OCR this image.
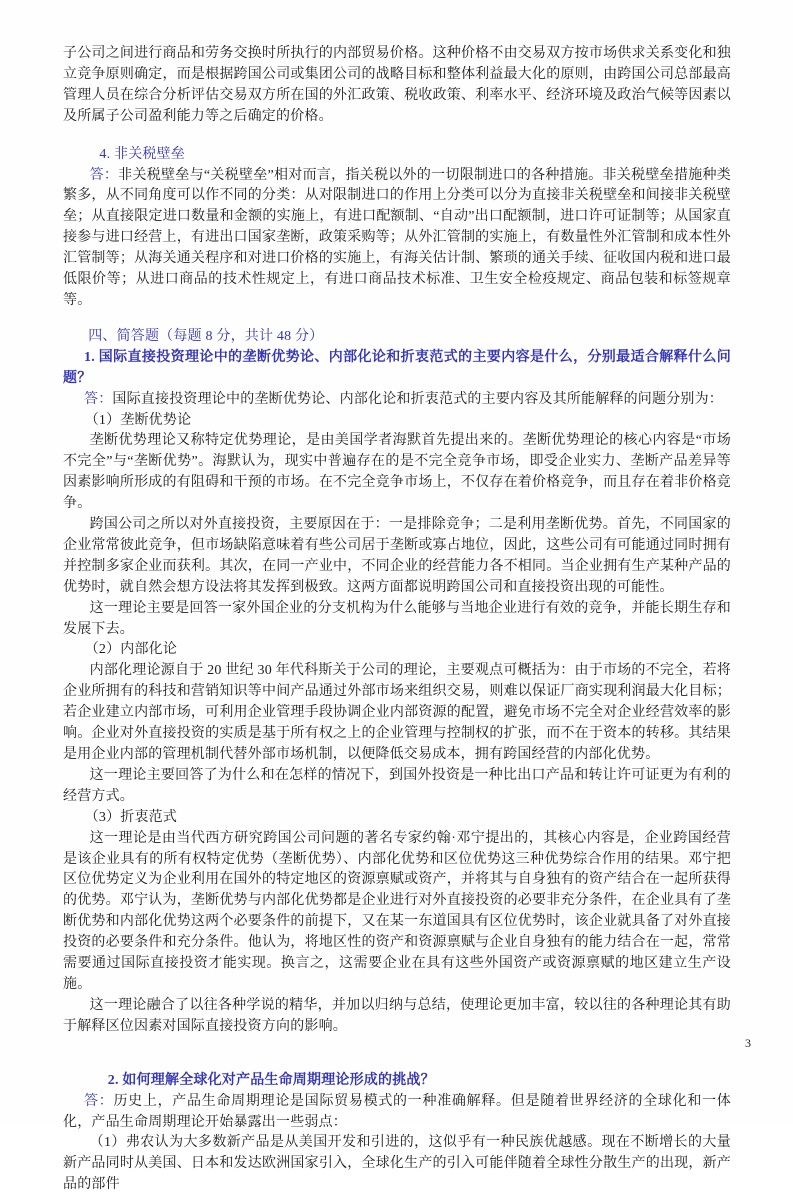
子公司之间进行商品和劳务交换时所执行的内部贸易价格。这种价格不由交易双方按市场供求关系变化和独立竞争原则确定，而是根据跨国公司或集团公司的战略目标和整体利益最大化的原则，由跨国公司总部最高管理人员在综合分析评估交易双方所在国的外汇政策、税收政策、利率水平、经济环境及政治气候等因素以及所属子公司盈利能力等之后确定的价格。

4. 非关税壁垒

答：非关税壁垒与“关税壁垒”相对而言，指关税以外的一切限制进口的各种措施。非关税壁垒措施种类繁多，从不同角度可以作不同的分类：从对限制进口的作用上分类可以分为直接非关税壁垒和间接非关税壁垒；从直接限定进口数量和金额的实施上，有进口配额制、“自动”出口配额制，进口许可证制等；从国家直接参与进口经营上，有进出口国家垄断，政策采购等；从外汇管制的实施上，有数量性外汇管制和成本性外汇管制等；从海关通关程序和对进口价格的实施上，有海关估计制、繁琐的通关手续、征收国内税和进口最低限价等；从进口商品的技术性规定上，有进口商品技术标准、卫生安全检疫规定、商品包装和标签规章等。

四、简答题（每题 8 分，共计 48 分）

1. 国际直接投资理论中的垄断优势论、内部化论和折衷范式的主要内容是什么，分别最适合解释什么问题？

答：国际直接投资理论中的垄断优势论、内部化论和折衷范式的主要内容及其所能解释的问题分别为：

（1）垄断优势论

垄断优势理论又称特定优势理论，是由美国学者海默首先提出来的。垄断优势理论的核心内容是“市场不完全”与“垄断优势”。海默认为，现实中普遍存在的是不完全竞争市场，即受企业实力、垄断产品差异等因素影响所形成的有阻碍和干预的市场。在不完全竞争市场上，不仅存在着价格竞争，而且存在着非价格竞争。

跨国公司之所以对外直接投资，主要原因在于：一是排除竞争；二是利用垄断优势。首先，不同国家的企业常常彼此竞争，但市场缺陷意味着有些公司居于垄断或寡占地位，因此，这些公司有可能通过同时拥有并控制多家企业而获利。其次，在同一产业中，不同企业的经营能力各不相同。当企业拥有生产某种产品的优势时，就自然会想方设法将其发挥到极致。这两方面都说明跨国公司和直接投资出现的可能性。

这一理论主要是回答一家外国企业的分支机构为什么能够与当地企业进行有效的竞争，并能长期生存和发展下去。

（2）内部化论

内部化理论源自于 20 世纪 30 年代科斯关于公司的理论，主要观点可概括为：由于市场的不完全，若将企业所拥有的科技和营销知识等中间产品通过外部市场来组织交易，则难以保证厂商实现利润最大化目标；若企业建立内部市场，可利用企业管理手段协调企业内部资源的配置，避免市场不完全对企业经营效率的影响。企业对外直接投资的实质是基于所有权之上的企业管理与控制权的扩张，而不在于资本的转移。其结果是用企业内部的管理机制代替外部市场机制，以便降低交易成本，拥有跨国经营的内部化优势。

这一理论主要回答了为什么和在怎样的情况下，到国外投资是一种比出口产品和转让许可证更为有利的经营方式。

（3）折衷范式

这一理论是由当代西方研究跨国公司问题的著名专家约翰·邓宁提出的，其核心内容是，企业跨国经营是该企业具有的所有权特定优势（垄断优势）、内部化优势和区位优势这三种优势综合作用的结果。邓宁把区位优势定义为企业利用在国外的特定地区的资源禀赋或资产，并将其与自身独有的资产结合在一起所获得的优势。邓宁认为，垄断优势与内部化优势都是企业进行对外直接投资的必要非充分条件，在企业具有了垄断优势和内部化优势这两个必要条件的前提下，又在某一东道国具有区位优势时，该企业就具备了对外直接投资的必要条件和充分条件。他认为，将地区性的资产和资源禀赋与企业自身独有的能力结合在一起，常常需要通过国际直接投资才能实现。换言之，这需要企业在具有这些外国资产或资源禀赋的地区建立生产设施。

这一理论融合了以往各种学说的精华，并加以归纳与总结，使理论更加丰富，较以往的各种理论其有助于解释区位因素对国际直接投资方向的影响。

2. 如何理解全球化对产品生命周期理论形成的挑战？

答：历史上，产品生命周期理论是国际贸易模式的一种准确解释。但是随着世界经济的全球化和一体化，产品生命周期理论开始暴露出一些弱点：

（1）弗农认为大多数新产品是从美国开发和引进的，这似乎有一种民族优越感。现在不断增长的大量新产品同时从美国、日本和发达欧洲国家引入，全球化生产的引入可能伴随着全球性分散生产的出现，新产品的部件

3
